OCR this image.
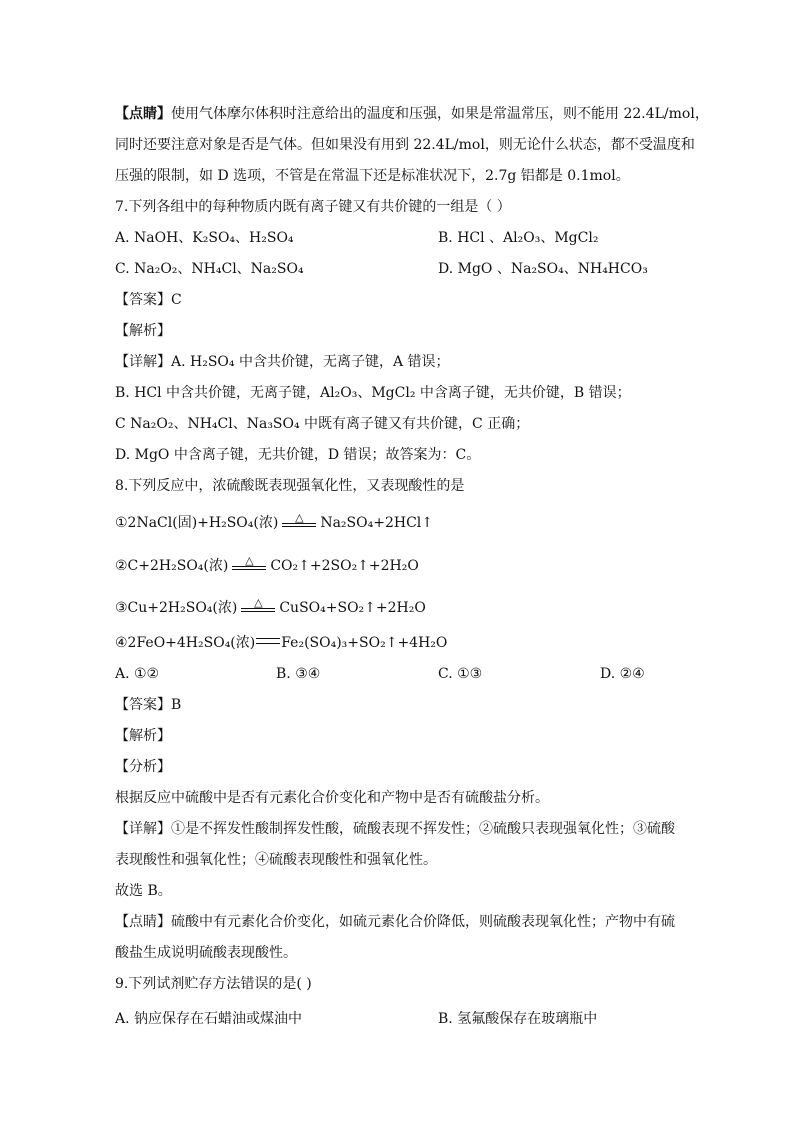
【点睛】使用气体摩尔体积时注意给出的温度和压强，如果是常温常压，则不能用 22.4L/mol，
同时还要注意对象是否是气体。但如果没有用到 22.4L/mol，则无论什么状态，都不受温度和
压强的限制，如 D 选项，不管是在常温下还是标准状况下，2.7g 铝都是 0.1mol。
7.下列各组中的每种物质内既有离子键又有共价键的一组是（ ）
A. NaOH、K₂SO₄、H₂SO₄	B. HCl 、Al₂O₃、MgCl₂
C. Na₂O₂、NH₄Cl、Na₂SO₄	D. MgO 、Na₂SO₄、NH₄HCO₃
【答案】C
【解析】
【详解】A. H₂SO₄ 中含共价键，无离子键，A 错误；
B. HCl 中含共价键，无离子键，Al₂O₃、MgCl₂ 中含离子键，无共价键，B 错误；
C Na₂O₂、NH₄Cl、Na₃SO₄ 中既有离子键又有共价键，C 正确；
D. MgO 中含离子键，无共价键，D 错误；故答案为：C。
8.下列反应中，浓硫酸既表现强氧化性，又表现酸性的是
①2NaCl(固)+H₂SO₄(浓)	△	Na₂SO₄+2HCl↑
②C+2H₂SO₄(浓)	△	CO₂↑+2SO₂↑+2H₂O
③Cu+2H₂SO₄(浓)	△	CuSO₄+SO₂↑+2H₂O
④2FeO+4H₂SO₄(浓) Fe₂(SO₄)₃+SO₂↑+4H₂O
A. ①②	B. ③④	C. ①③	D. ②④
【答案】B
【解析】
【分析】
根据反应中硫酸中是否有元素化合价变化和产物中是否有硫酸盐分析。
【详解】①是不挥发性酸制挥发性酸，硫酸表现不挥发性；②硫酸只表现强氧化性；③硫酸
表现酸性和强氧化性；④硫酸表现酸性和强氧化性。
故选 B。
【点睛】硫酸中有元素化合价变化，如硫元素化合价降低，则硫酸表现氧化性；产物中有硫
酸盐生成说明硫酸表现酸性。
9.下列试剂贮存方法错误的是( )
A. 钠应保存在石蜡油或煤油中	B. 氢氟酸保存在玻璃瓶中
